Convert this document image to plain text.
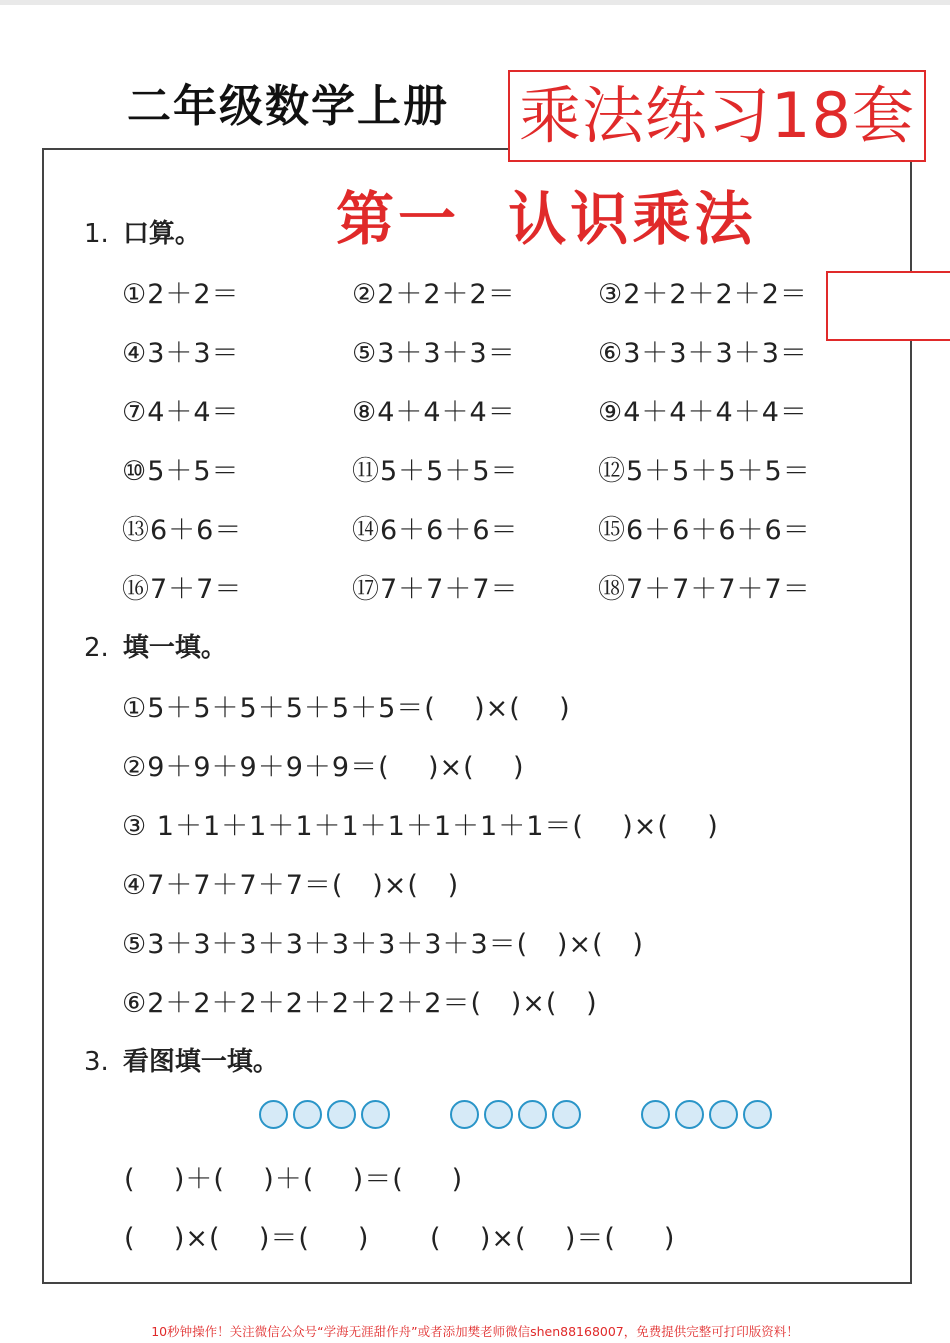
二年级数学上册 乘法练习18套
第一  认识乘法
1. 口算。
①2＋2＝	②2＋2＋2＝	③2＋2＋2＋2＝
④3＋3＝	⑤3＋3＋3＝	⑥3＋3＋3＋3＝
⑦4＋4＝	⑧4＋4＋4＝	⑨4＋4＋4＋4＝
⑩5＋5＝	⑪5＋5＋5＝	⑫5＋5＋5＋5＝
⑬6＋6＝	⑭6＋6＋6＝	⑮6＋6＋6＋6＝
⑯7＋7＝	⑰7＋7＋7＝	⑱7＋7＋7＋7＝
2. 填一填。
①5＋5＋5＋5＋5＋5＝(    )×(    )
②9＋9＋9＋9＋9＝(    )×(    )
③ 1＋1＋1＋1＋1＋1＋1＋1＋1＝(    )×(    )
④7＋7＋7＋7＝(   )×(   )
⑤3＋3＋3＋3＋3＋3＋3＋3＝(   )×(   )
⑥2＋2＋2＋2＋2＋2＋2＝(   )×(   )
3. 看图填一填。
(    )＋(    )＋(    )＝(     )
(    )×(    )＝(     ) (    )×(    )＝(     )
10秒钟操作！关注微信公众号“学海无涯甜作舟”或者添加樊老师微信shen88168007，免费提供完整可打印版资料！
